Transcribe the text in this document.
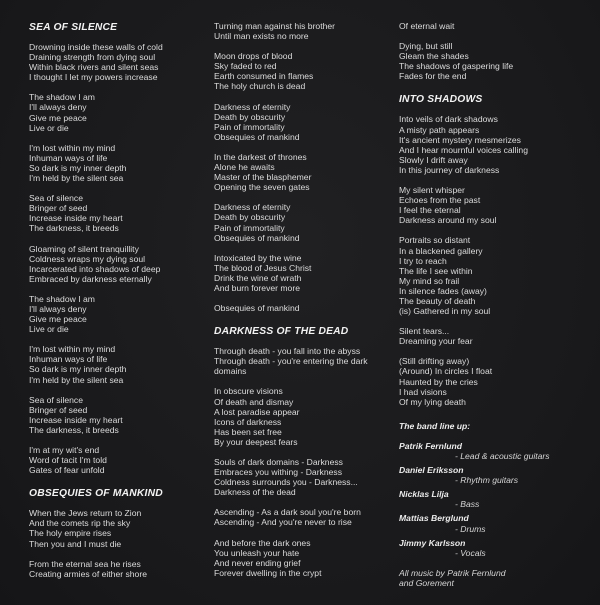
SEA OF SILENCE
Drowning inside these walls of cold
Draining strength from dying soul
Within black rivers and silent seas
I thought I let my powers increase
The shadow I am
I'll always deny
Give me peace
Live or die
I'm lost within my mind
Inhuman ways of life
So dark is my inner depth
I'm held by the silent sea
Sea of silence
Bringer of seed
Increase inside my heart
The darkness, it breeds
Gloaming of silent tranquillity
Coldness wraps my dying soul
Incarcerated into shadows of deep
Embraced by darkness eternally
The shadow I am
I'll always deny
Give me peace
Live or die
I'm lost within my mind
Inhuman ways of life
So dark is my inner depth
I'm held by the silent sea
Sea of silence
Bringer of seed
Increase inside my heart
The darkness, it breeds
I'm at my wit's end
Word of tacit I'm told
Gates of fear unfold
OBSEQUIES OF MANKIND
When the Jews return to Zion
And the comets rip the sky
The holy empire rises
Then you and I must die
From the eternal sea he rises
Creating armies of either shore
Turning man against his brother
Until man exists no more
Moon drops of blood
Sky faded to red
Earth consumed in flames
The holy church is dead
Darkness of eternity
Death by obscurity
Pain of immortality
Obsequies of mankind
In the darkest of thrones
Alone he awaits
Master of the blasphemer
Opening the seven gates
Darkness of eternity
Death by obscurity
Pain of immortality
Obsequies of mankind
Intoxicated by the wine
The blood of Jesus Christ
Drink the wine of wrath
And burn forever more
Obsequies of mankind
DARKNESS OF THE DEAD
Through death - you fall into the abyss
Through death - you're entering the dark
domains
In obscure visions
Of death and dismay
A lost paradise appear
Icons of darkness
Has been set free
By your deepest fears
Souls of dark domains - Darkness
Embraces you withing - Darkness
Coldness surrounds you - Darkness...
Darkness of the dead
Ascending - As a dark soul you're born
Ascending - And you're never to rise
And before the dark ones
You unleash your hate
And never ending grief
Forever dwelling in the crypt
Of eternal wait
Dying, but still
Gleam the shades
The shadows of gaspering life
Fades for the end
INTO SHADOWS
Into veils of dark shadows
A misty path appears
It's ancient mystery mesmerizes
And I hear mournful voices calling
Slowly I drift away
In this journey of darkness
My silent whisper
Echoes from the past
I feel the eternal
Darkness around my soul
Portraits so distant
In a blackened gallery
I try to reach
The life I see within
My mind so frail
In silence fades (away)
The beauty of death
(is) Gathered in my soul
Silent tears...
Dreaming your fear
(Still drifting away)
(Around) In circles I float
Haunted by the cries
I had visions
Of my lying death
The band line up:
Patrik Fernlund
- Lead & acoustic guitars
Daniel Eriksson
- Rhythm guitars
Nicklas Lilja
- Bass
Mattias Berglund
- Drums
Jimmy Karlsson
- Vocals
All music by Patrik Fernlund
and Gorement
